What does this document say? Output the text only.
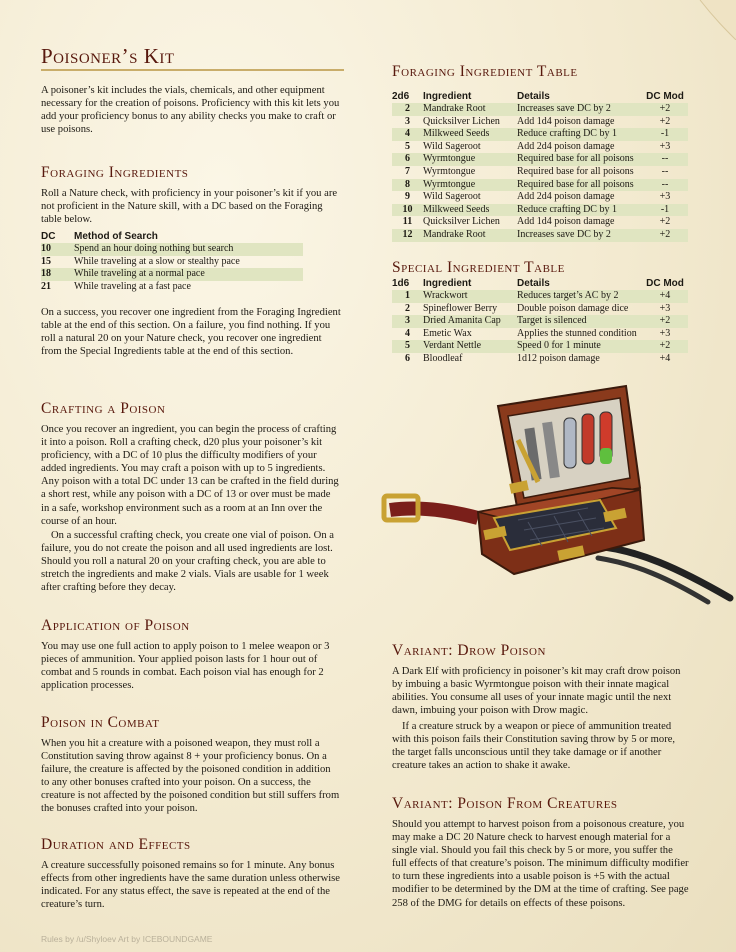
Poisoner’s Kit

A poisoner’s kit includes the vials, chemicals, and other equipment necessary for the creation of poisons. Proficiency with this kit lets you add your proficiency bonus to any ability checks you make to craft or use poisons.

Foraging Ingredients

Roll a Nature check, with proficiency in your poisoner’s kit if you are not proficient in the Nature skill, with a DC based on the Foraging table below.

DC	Method of Search
10	Spend an hour doing nothing but search
15	While traveling at a slow or stealthy pace
18	While traveling at a normal pace
21	While traveling at a fast pace

On a success, you recover one ingredient from the Foraging Ingredient table at the end of this section. On a failure, you find nothing. If you roll a natural 20 on your Nature check, you recover one ingredient from the Special Ingredients table at the end of this section.

Crafting a Poison

Once you recover an ingredient, you can begin the process of crafting it into a poison. Roll a crafting check, d20 plus your poisoner’s kit proficiency, with a DC of 10 plus the difficulty modifiers of your added ingredients. You may craft a poison with up to 5 ingredients. Any poison with a total DC under 13 can be crafted in the field during a short rest, while any poison with a DC of 13 or over must be made in a safe, workshop environment such as a room at an Inn over the course of an hour.

On a successful crafting check, you create one vial of poison. On a failure, you do not create the poison and all used ingredients are lost. Should you roll a natural 20 on your crafting check, you are able to stretch the ingredients and make 2 vials. Vials are usable for 1 week after crafting before they decay.

Application of Poison

You may use one full action to apply poison to 1 melee weapon or 3 pieces of ammunition. Your applied poison lasts for 1 hour out of combat and 5 rounds in combat. Each poison vial has enough for 2 application processes.

Poison in Combat

When you hit a creature with a poisoned weapon, they must roll a Constitution saving throw against 8 + your proficiency bonus. On a failure, the creature is affected by the poisoned condition in addition to any other bonuses crafted into your poison. On a success, the creature is not affected by the poisoned condition but still suffers from the bonuses crafted into your poison.

Duration and Effects

A creature successfully poisoned remains so for 1 minute. Any bonus effects from other ingredients have the same duration unless otherwise indicated. For any status effect, the save is repeated at the end of the creature’s turn.

Rules by /u/Shyloev Art by ICEBOUNDGAME
Foraging Ingredient Table
2d6	Ingredient	Details	DC Mod
2	Mandrake Root	Increases save DC by 2	+2
3	Quicksilver Lichen	Add 1d4 poison damage	+2
4	Milkweed Seeds	Reduce crafting DC by 1	-1
5	Wild Sageroot	Add 2d4 poison damage	+3
6	Wyrmtongue	Required base for all poisons	--
7	Wyrmtongue	Required base for all poisons	--
8	Wyrmtongue	Required base for all poisons	--
9	Wild Sageroot	Add 2d4 poison damage	+3
10	Milkweed Seeds	Reduce crafting DC by 1	-1
11	Quicksilver Lichen	Add 1d4 poison damage	+2
12	Mandrake Root	Increases save DC by 2	+2
Special Ingredient Table
1d6	Ingredient	Details	DC Mod
1	Wrackwort	Reduces target’s AC by 2	+4
2	Spineflower Berry	Double poison damage dice	+3
3	Dried Amanita Cap	Target is silenced	+2
4	Emetic Wax	Applies the stunned condition	+3
5	Verdant Nettle	Speed 0 for 1 minute	+2
6	Bloodleaf	1d12 poison damage	+4
Variant: Drow Poison

A Dark Elf with proficiency in poisoner’s kit may craft drow poison by imbuing a basic Wyrmtongue poison with their innate magical abilities. You consume all uses of your innate magic until the next dawn, imbuing your poison with Drow magic.

If a creature struck by a weapon or piece of ammunition treated with this poison fails their Constitution saving throw by 5 or more, the target falls unconscious until they take damage or if another creature takes an action to shake it awake.

Variant: Poison From Creatures

Should you attempt to harvest poison from a poisonous creature, you may make a DC 20 Nature check to harvest enough material for a single vial. Should you fail this check by 5 or more, you suffer the full effects of that creature’s poison. The minimum difficulty modifier to turn these ingredients into a usable poison is +5 with the actual modifier to be determined by the DM at the time of crafting. See page 258 of the DMG for details on effects of these poisons.
